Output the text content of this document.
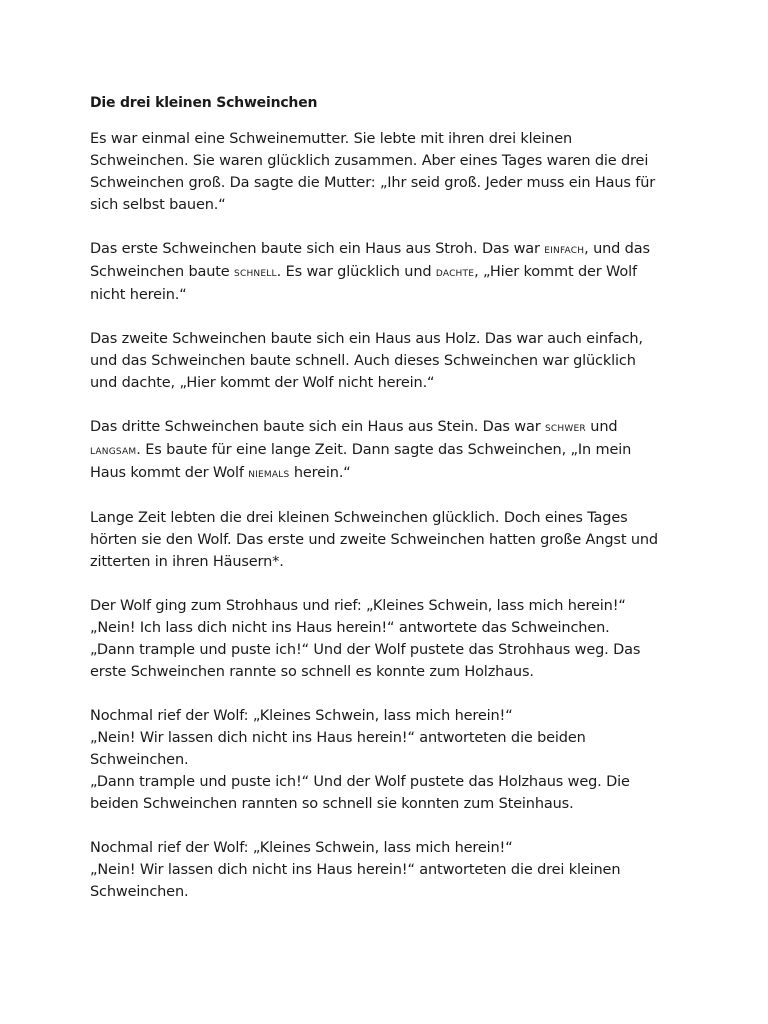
Die drei kleinen Schweinchen

Es war einmal eine Schweinemutter. Sie lebte mit ihren drei kleinen
Schweinchen. Sie waren glücklich zusammen. Aber eines Tages waren die drei
Schweinchen groß. Da sagte die Mutter: „Ihr seid groß. Jeder muss ein Haus für
sich selbst bauen.“

Das erste Schweinchen baute sich ein Haus aus Stroh. Das war einfach, und das
Schweinchen baute schnell. Es war glücklich und dachte, „Hier kommt der Wolf
nicht herein.“

Das zweite Schweinchen baute sich ein Haus aus Holz. Das war auch einfach,
und das Schweinchen baute schnell. Auch dieses Schweinchen war glücklich
und dachte, „Hier kommt der Wolf nicht herein.“

Das dritte Schweinchen baute sich ein Haus aus Stein. Das war schwer und
langsam. Es baute für eine lange Zeit. Dann sagte das Schweinchen, „In mein
Haus kommt der Wolf niemals herein.“

Lange Zeit lebten die drei kleinen Schweinchen glücklich. Doch eines Tages
hörten sie den Wolf. Das erste und zweite Schweinchen hatten große Angst und
zitterten in ihren Häusern*.

Der Wolf ging zum Strohhaus und rief: „Kleines Schwein, lass mich herein!“
„Nein! Ich lass dich nicht ins Haus herein!“ antwortete das Schweinchen.
„Dann trample und puste ich!“ Und der Wolf pustete das Strohhaus weg. Das
erste Schweinchen rannte so schnell es konnte zum Holzhaus.

Nochmal rief der Wolf: „Kleines Schwein, lass mich herein!“
„Nein! Wir lassen dich nicht ins Haus herein!“ antworteten die beiden
Schweinchen.
„Dann trample und puste ich!“ Und der Wolf pustete das Holzhaus weg. Die
beiden Schweinchen rannten so schnell sie konnten zum Steinhaus.

Nochmal rief der Wolf: „Kleines Schwein, lass mich herein!“
„Nein! Wir lassen dich nicht ins Haus herein!“ antworteten die drei kleinen
Schweinchen.
